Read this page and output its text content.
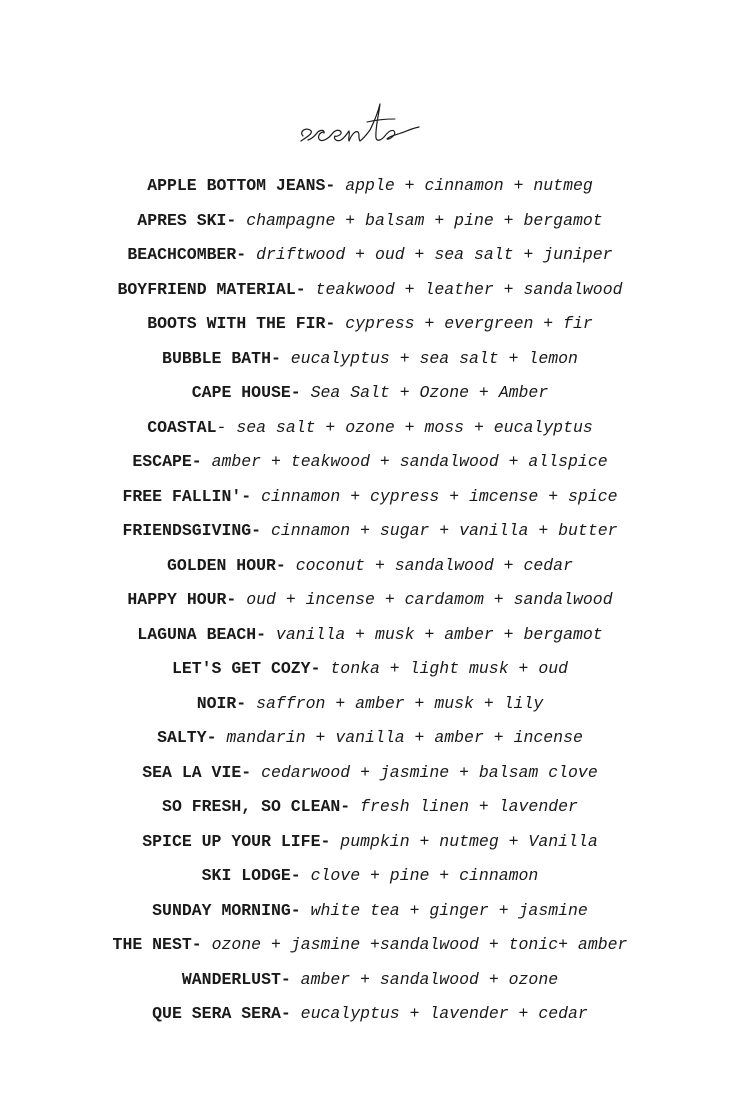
APPLE BOTTOM JEANS- apple + cinnamon + nutmeg
APRES SKI- champagne + balsam + pine + bergamot
BEACHCOMBER- driftwood + oud + sea salt + juniper
BOYFRIEND MATERIAL- teakwood + leather + sandalwood
BOOTS WITH THE FIR- cypress + evergreen + fir
BUBBLE BATH- eucalyptus + sea salt + lemon
CAPE HOUSE- Sea Salt + Ozone + Amber
COASTAL- sea salt + ozone + moss + eucalyptus
ESCAPE- amber + teakwood + sandalwood + allspice
FREE FALLIN'- cinnamon + cypress + imcense + spice
FRIENDSGIVING- cinnamon + sugar + vanilla + butter
GOLDEN HOUR- coconut + sandalwood + cedar
HAPPY HOUR- oud + incense + cardamom + sandalwood
LAGUNA BEACH- vanilla + musk + amber + bergamot
LET'S GET COZY- tonka + light musk + oud
NOIR- saffron + amber + musk + lily
SALTY- mandarin + vanilla + amber + incense
SEA LA VIE- cedarwood + jasmine + balsam clove
SO FRESH, SO CLEAN- fresh linen + lavender
SPICE UP YOUR LIFE- pumpkin + nutmeg + Vanilla
SKI LODGE- clove + pine + cinnamon
SUNDAY MORNING- white tea + ginger + jasmine
THE NEST- ozone + jasmine +sandalwood + tonic+ amber
WANDERLUST- amber + sandalwood + ozone
QUE SERA SERA- eucalyptus + lavender + cedar
